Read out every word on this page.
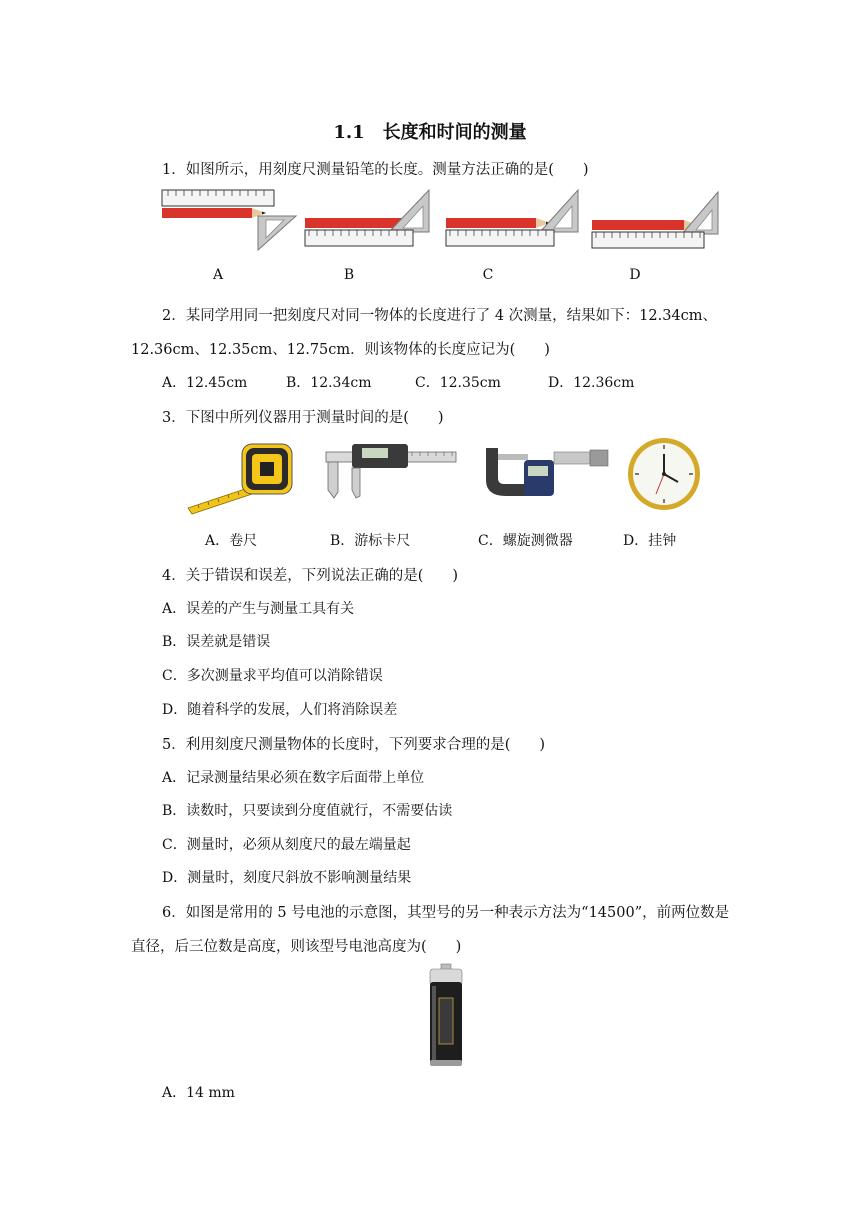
1.1　长度和时间的测量
1．如图所示，用刻度尺测量铅笔的长度。测量方法正确的是(　　)
A	B	C	D
2．某同学用同一把刻度尺对同一物体的长度进行了 4 次测量，结果如下：12.34cm、
12.36cm、12.35cm、12.75cm．则该物体的长度应记为(　　)
A．12.45cm	B．12.34cm	C．12.35cm	D．12.36cm
3．下图中所列仪器用于测量时间的是(　　)
A．卷尺	B．游标卡尺	C．螺旋测微器	D．挂钟
4．关于错误和误差，下列说法正确的是(　　)
A．误差的产生与测量工具有关
B．误差就是错误
C．多次测量求平均值可以消除错误
D．随着科学的发展，人们将消除误差
5．利用刻度尺测量物体的长度时，下列要求合理的是(　　)
A．记录测量结果必须在数字后面带上单位
B．读数时，只要读到分度值就行，不需要估读
C．测量时，必须从刻度尺的最左端量起
D．测量时，刻度尺斜放不影响测量结果
6．如图是常用的 5 号电池的示意图，其型号的另一种表示方法为“14500”，前两位数是
直径，后三位数是高度，则该型号电池高度为(　　)
A．14 mm
